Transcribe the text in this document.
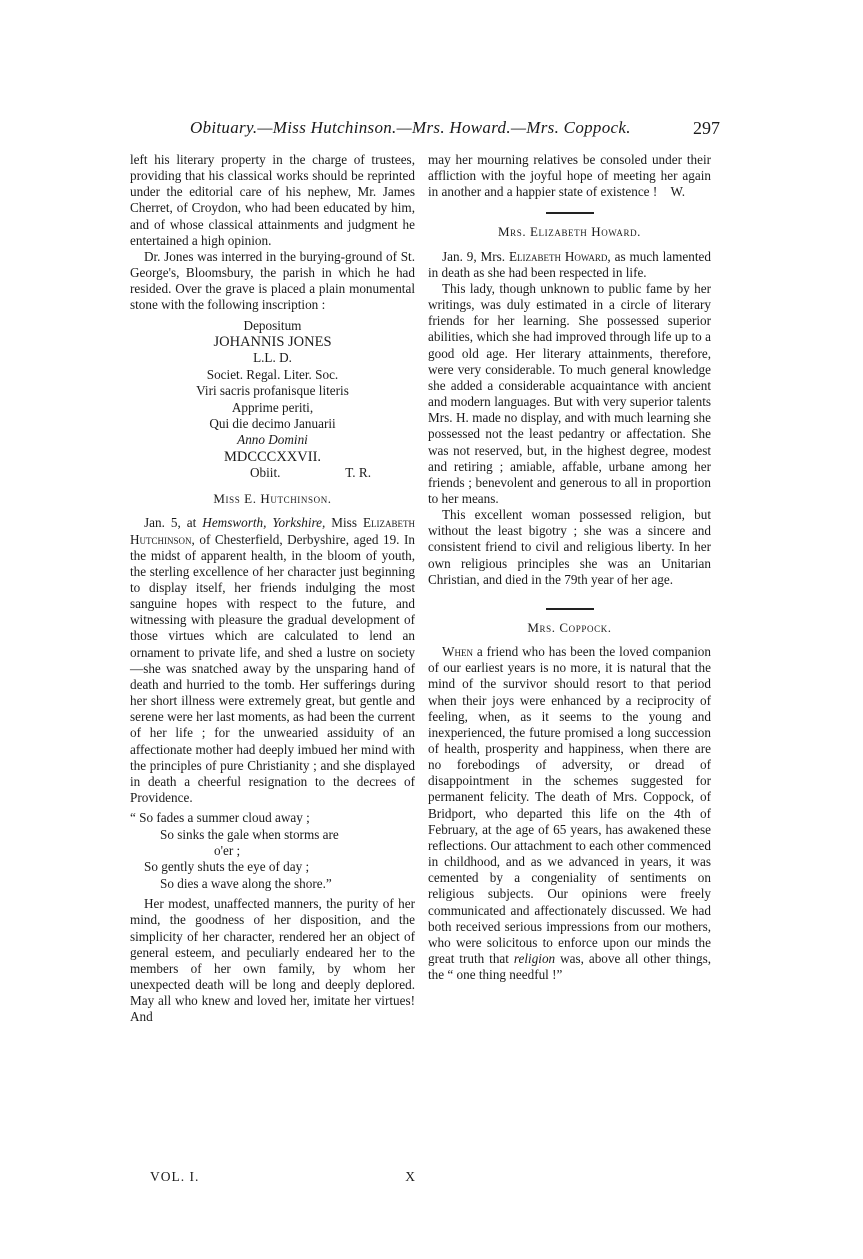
Obituary.—Miss Hutchinson.—Mrs. Howard.—Mrs. Coppock.	297

left his literary property in the charge of trustees, providing that his classical works should be reprinted under the editorial care of his nephew, Mr. James Cherret, of Croydon, who had been educated by him, and of whose classical attainments and judgment he entertained a high opinion.

Dr. Jones was interred in the burying-ground of St. George's, Bloomsbury, the parish in which he had resided. Over the grave is placed a plain monumental stone with the following inscription :

Depositum
JOHANNIS JONES
L.L. D.
Societ. Regal. Liter. Soc.
Viri sacris profanisque literis
Apprime periti,
Qui die decimo Januarii
Anno Domini
MDCCCXXVII.
Obiit.	T. R.
Miss E. Hutchinson.

Jan. 5, at Hemsworth, Yorkshire, Miss Elizabeth Hutchinson, of Chesterfield, Derbyshire, aged 19. In the midst of apparent health, in the bloom of youth, the sterling excellence of her character just beginning to display itself, her friends indulging the most sanguine hopes with respect to the future, and witnessing with pleasure the gradual development of those virtues which are calculated to lend an ornament to private life, and shed a lustre on society—she was snatched away by the unsparing hand of death and hurried to the tomb. Her sufferings during her short illness were extremely great, but gentle and serene were her last moments, as had been the current of her life ; for the unwearied assiduity of an affectionate mother had deeply imbued her mind with the principles of pure Christianity ; and she displayed in death a cheerful resignation to the decrees of Providence.

“ So fades a summer cloud away ;
So sinks the gale when storms are
o'er ;
So gently shuts the eye of day ;
So dies a wave along the shore.”

Her modest, unaffected manners, the purity of her mind, the goodness of her disposition, and the simplicity of her character, rendered her an object of general esteem, and peculiarly endeared her to the members of her own family, by whom her unexpected death will be long and deeply deplored. May all who knew and loved her, imitate her virtues! And

may her mourning relatives be consoled under their affliction with the joyful hope of meeting her again in another and a happier state of existence !	W.
Mrs. Elizabeth Howard.

Jan. 9, Mrs. Elizabeth Howard, as much lamented in death as she had been respected in life.

This lady, though unknown to public fame by her writings, was duly estimated in a circle of literary friends for her learning. She possessed superior abilities, which she had improved through life up to a good old age. Her literary attainments, therefore, were very considerable. To much general knowledge she added a considerable acquaintance with ancient and modern languages. But with very superior talents Mrs. H. made no display, and with much learning she possessed not the least pedantry or affectation. She was not reserved, but, in the highest degree, modest and retiring ; amiable, affable, urbane among her friends ; benevolent and generous to all in proportion to her means.

This excellent woman possessed religion, but without the least bigotry ; she was a sincere and consistent friend to civil and religious liberty. In her own religious principles she was an Unitarian Christian, and died in the 79th year of her age.

Mrs. Coppock.

When a friend who has been the loved companion of our earliest years is no more, it is natural that the mind of the survivor should resort to that period when their joys were enhanced by a reciprocity of feeling, when, as it seems to the young and inexperienced, the future promised a long succession of health, prosperity and happiness, when there are no forebodings of adversity, or dread of disappointment in the schemes suggested for permanent felicity. The death of Mrs. Coppock, of Bridport, who departed this life on the 4th of February, at the age of 65 years, has awakened these reflections. Our attachment to each other commenced in childhood, and as we advanced in years, it was cemented by a congeniality of sentiments on religious subjects. Our opinions were freely communicated and affectionately discussed. We had both received serious impressions from our mothers, who were solicitous to enforce upon our minds the great truth that religion was, above all other things, the “ one thing needful !”

VOL. I.	X
